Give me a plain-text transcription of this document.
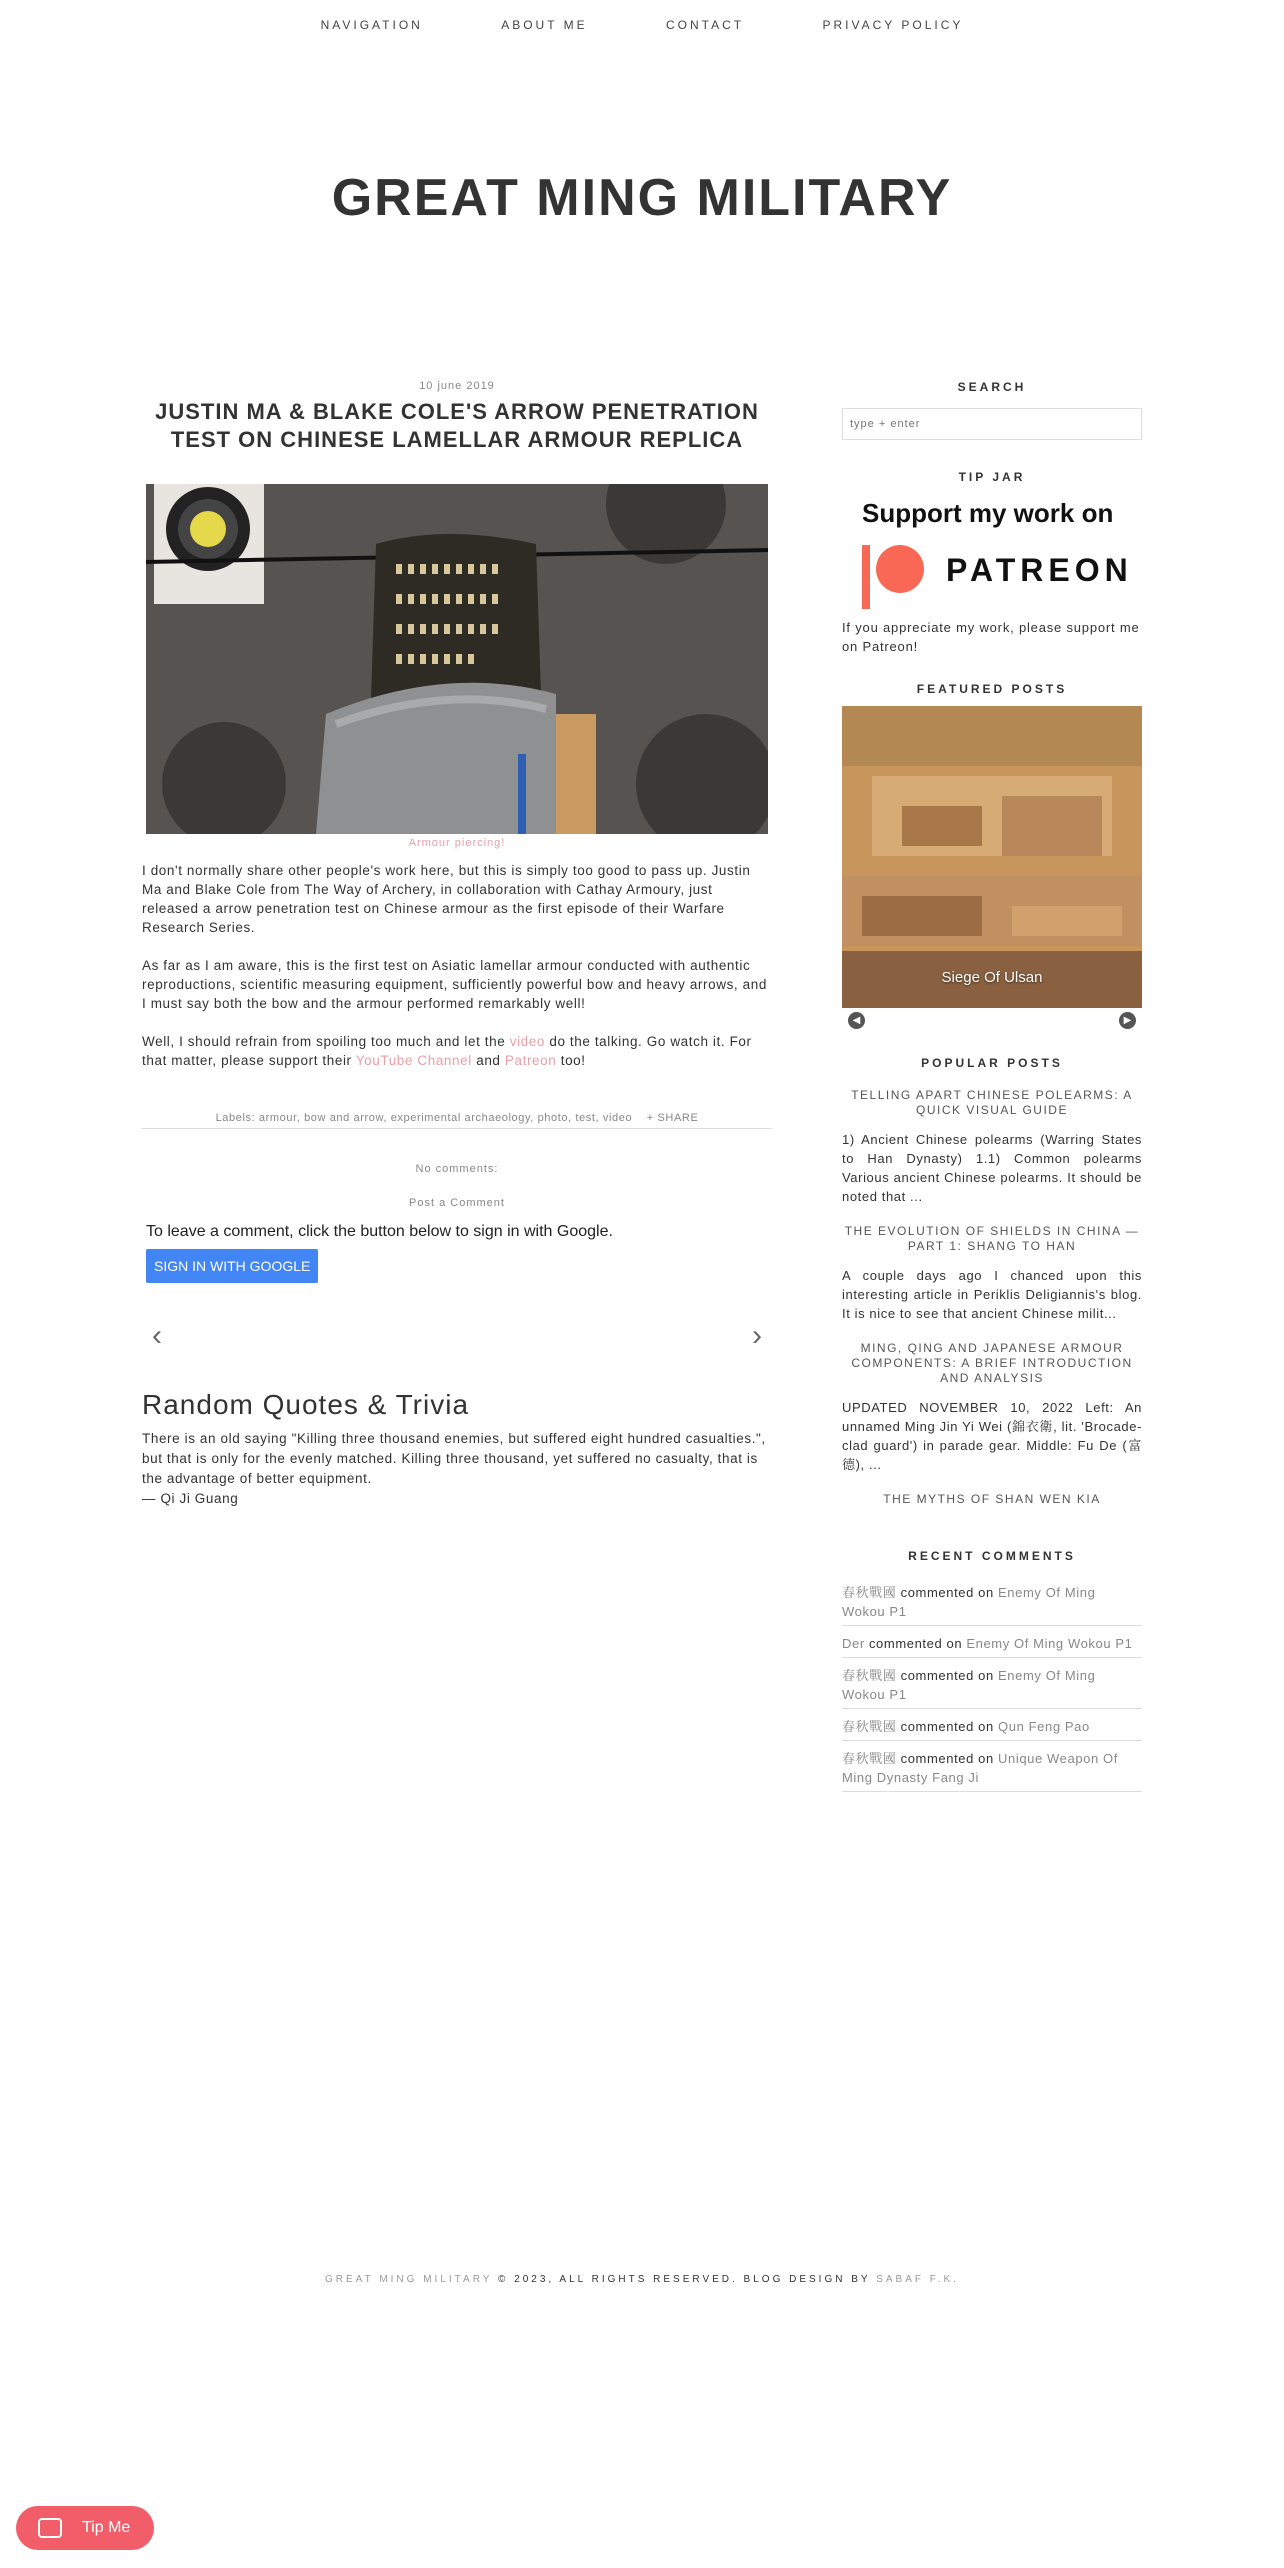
NAVIGATION	ABOUT ME	CONTACT	PRIVACY POLICY
GREAT MING MILITARY
10 june 2019
JUSTIN MA & BLAKE COLE'S ARROW PENETRATION TEST ON CHINESE LAMELLAR ARMOUR REPLICA
Armour piercing!

I don't normally share other people's work here, but this is simply too good to pass up. Justin Ma and Blake Cole from The Way of Archery, in collaboration with Cathay Armoury, just released a arrow penetration test on Chinese armour as the first episode of their Warfare Research Series.

As far as I am aware, this is the first test on Asiatic lamellar armour conducted with authentic reproductions, scientific measuring equipment, sufficiently powerful bow and heavy arrows, and I must say both the bow and the armour performed remarkably well!

Well, I should refrain from spoiling too much and let the video do the talking. Go watch it. For that matter, please support their YouTube Channel and Patreon too!

Labels: armour, bow and arrow, experimental archaeology, photo, test, video + SHARE
No comments:
Post a Comment
To leave a comment, click the button below to sign in with Google.
SIGN IN WITH GOOGLE
‹	›
Random Quotes & Trivia

There is an old saying "Killing three thousand enemies, but suffered eight hundred casualties.", but that is only for the evenly matched. Killing three thousand, yet suffered no casualty, that is the advantage of better equipment.

— Qi Ji Guang

SEARCH
type + enter
TIP JAR
Support my work on
PATREON

If you appreciate my work, please support me on Patreon!

FEATURED POSTS
Siege Of Ulsan
◀	▶
POPULAR POSTS
TELLING APART CHINESE POLEARMS: A QUICK VISUAL GUIDE
1) Ancient Chinese polearms (Warring States to Han Dynasty) 1.1) Common polearms Various ancient Chinese polearms. It should be noted that ...
THE EVOLUTION OF SHIELDS IN CHINA — PART 1: SHANG TO HAN
A couple days ago I chanced upon this interesting article in Periklis Deligiannis's blog. It is nice to see that ancient Chinese milit...
MING, QING AND JAPANESE ARMOUR COMPONENTS: A BRIEF INTRODUCTION AND ANALYSIS
UPDATED NOVEMBER 10, 2022 Left: An unnamed Ming Jin Yi Wei (錦衣衛, lit. 'Brocade-clad guard') in parade gear. Middle: Fu De (富德), ...
THE MYTHS OF SHAN WEN KIA
RECENT COMMENTS
春秋戰國 commented on Enemy Of Ming Wokou P1
Der commented on Enemy Of Ming Wokou P1
春秋戰國 commented on Enemy Of Ming Wokou P1
春秋戰國 commented on Qun Feng Pao
春秋戰國 commented on Unique Weapon Of Ming Dynasty Fang Ji
GREAT MING MILITARY © 2023, ALL RIGHTS RESERVED. BLOG DESIGN BY SABAF F.K.
Tip Me
